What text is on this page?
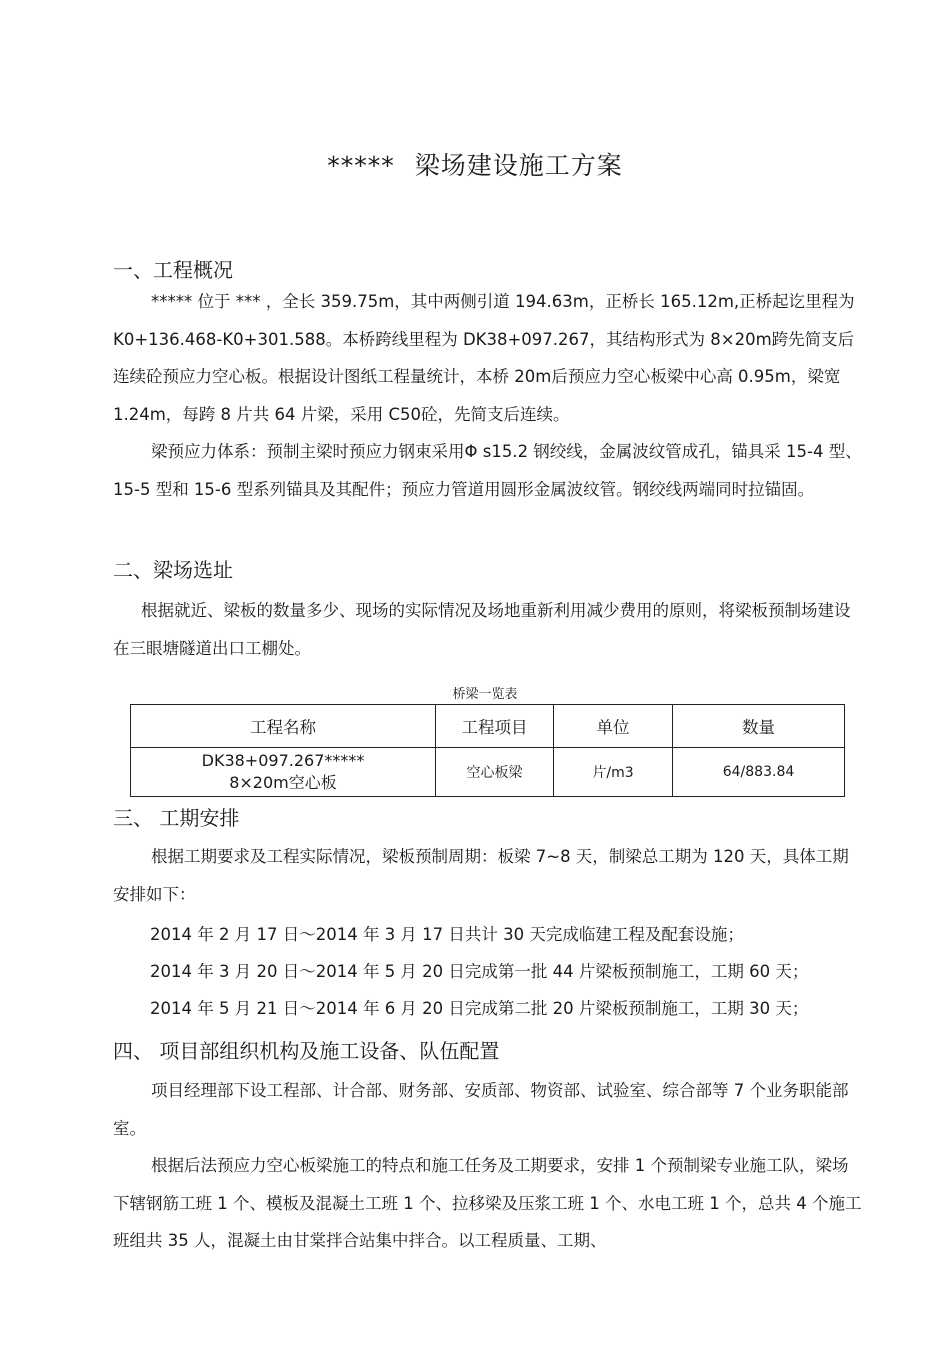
***** 梁场建设施工方案
一、工程概况
***** 位于 *** ，全长 359.75m，其中两侧引道 194.63m，正桥长 165.12m,正桥起讫里程为 K0+136.468-K0+301.588。本桥跨线里程为 DK38+097.267，其结构形式为 8×20m跨先简支后连续砼预应力空心板。根据设计图纸工程量统计，本桥 20m后预应力空心板梁中心高 0.95m，梁宽 1.24m，每跨 8 片共 64 片梁，采用 C50砼，先简支后连续。
梁预应力体系：预制主梁时预应力钢束采用Φ s15.2 钢绞线，金属波纹管成孔，锚具采 15-4 型、15-5 型和 15-6 型系列锚具及其配件；预应力管道用圆形金属波纹管。钢绞线两端同时拉锚固。
二、梁场选址
根据就近、梁板的数量多少、现场的实际情况及场地重新利用减少费用的原则，将梁板预制场建设在三眼塘隧道出口工棚处。
桥梁一览表
工程名称	工程项目	单位	数量

DK38+097.267*****
8×20m空心板	空心板梁	片/m3	64/883.84
三、 工期安排
根据工期要求及工程实际情况，梁板预制周期：板梁 7~8 天，制梁总工期为 120 天，具体工期安排如下：
2014 年 2 月 17 日～2014 年 3 月 17 日共计 30 天完成临建工程及配套设施；
2014 年 3 月 20 日～2014 年 5 月 20 日完成第一批 44 片梁板预制施工，工期 60 天；
2014 年 5 月 21 日～2014 年 6 月 20 日完成第二批 20 片梁板预制施工，工期 30 天；
四、 项目部组织机构及施工设备、队伍配置
项目经理部下设工程部、计合部、财务部、安质部、物资部、试验室、综合部等 7 个业务职能部室。
根据后法预应力空心板梁施工的特点和施工任务及工期要求，安排 1 个预制梁专业施工队，梁场下辖钢筋工班 1 个、模板及混凝土工班 1 个、拉移梁及压浆工班 1 个、水电工班 1 个，总共 4 个施工班组共 35 人，混凝土由甘棠拌合站集中拌合。以工程质量、工期、
